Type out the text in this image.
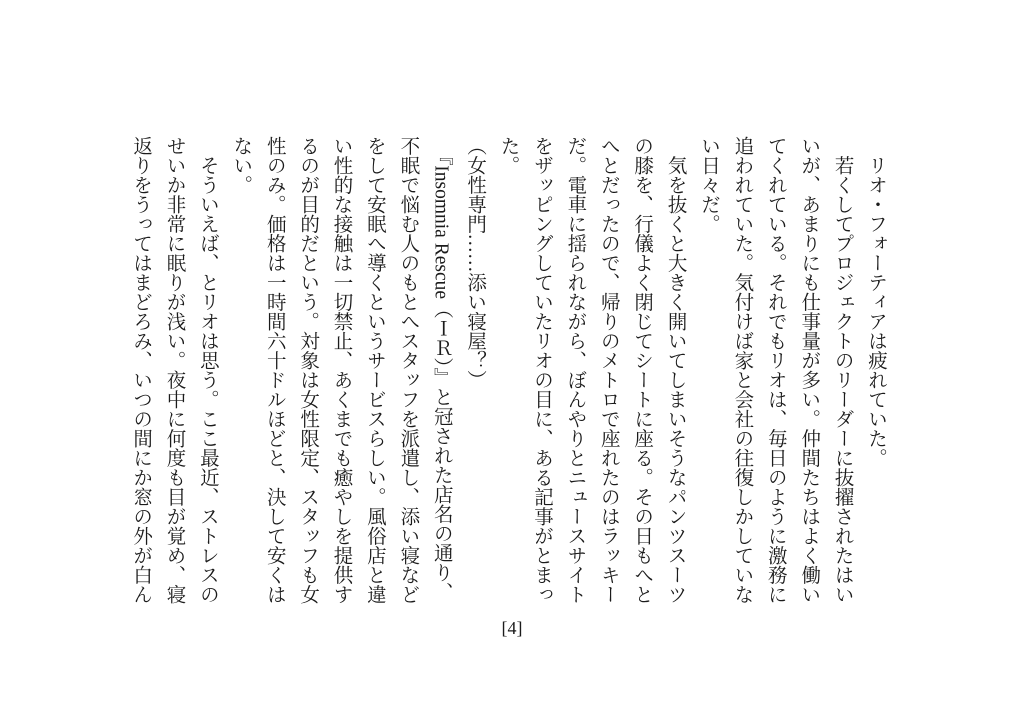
　リオ・フォーティアは疲れていた。

　若くしてプロジェクトのリーダーに抜擢されたはいいが、あまりにも仕事量が多い。仲間たちはよく働いてくれている。それでもリオは、毎日のように激務に追われていた。気付けば家と会社の往復しかしていない日々だ。

　気を抜くと大きく開いてしまいそうなパンツスーツの膝を、行儀よく閉じてシートに座る。その日もへとへとだったので、帰りのメトロで座れたのはラッキーだ。電車に揺られながら、ぼんやりとニュースサイトをザッピングしていたリオの目に、ある記事がとまった。

（女性専門……添い寝屋？）

　『Insomnia Rescue（ＩＲ）』と冠された店名の通り、不眠で悩む人のもとへスタッフを派遣し、添い寝などをして安眠へ導くというサービスらしい。風俗店と違い性的な接触は一切禁止、あくまでも癒やしを提供するのが目的だという。対象は女性限定、スタッフも女性のみ。価格は一時間六十ドルほどと、決して安くはない。

　そういえば、とリオは思う。ここ最近、ストレスのせいか非常に眠りが浅い。夜中に何度も目が覚め、寝返りをうってはまどろみ、いつの間にか窓の外が白ん

[4]
